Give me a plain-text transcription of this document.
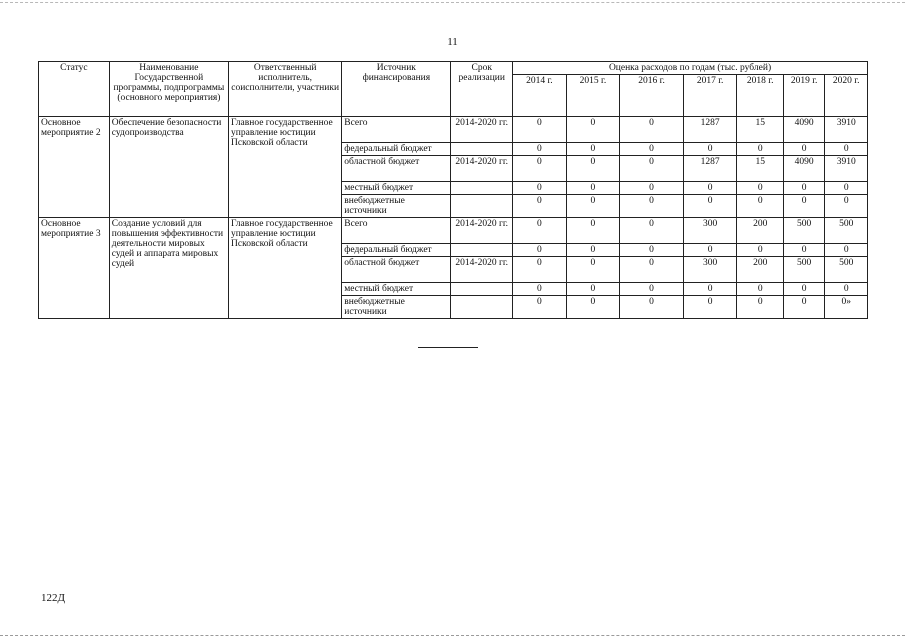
11
Статус	Наименование Государственной программы, подпрограммы (основного мероприятия)	Ответственный исполнитель, соисполнители, участники	Источник финансирования	Срок реализации	Оценка расходов по годам (тыс. рублей)						
					2014 г.	2015 г.	2016 г.	2017 г.	2018 г.	2019 г.	2020 г.
Основное мероприятие 2	Обеспечение безопасности судопроизводства	Главное государственное управление юстиции Псковской области	Всего	2014-2020 гг.	0	0	0	1287	15	4090	3910
			федеральный бюджет		0	0	0	0	0	0	0
			областной бюджет	2014-2020 гг.	0	0	0	1287	15	4090	3910
			местный бюджет		0	0	0	0	0	0	0
			внебюджетные источники		0	0	0	0	0	0	0
Основное мероприятие 3	Создание условий для повышения эффективности деятельности мировых судей и аппарата мировых судей	Главное государственное управление юстиции Псковской области	Всего	2014-2020 гг.	0	0	0	300	200	500	500
			федеральный бюджет		0	0	0	0	0	0	0
			областной бюджет	2014-2020 гг.	0	0	0	300	200	500	500
			местный бюджет		0	0	0	0	0	0	0
			внебюджетные источники		0	0	0	0	0	0	0»
122Д
